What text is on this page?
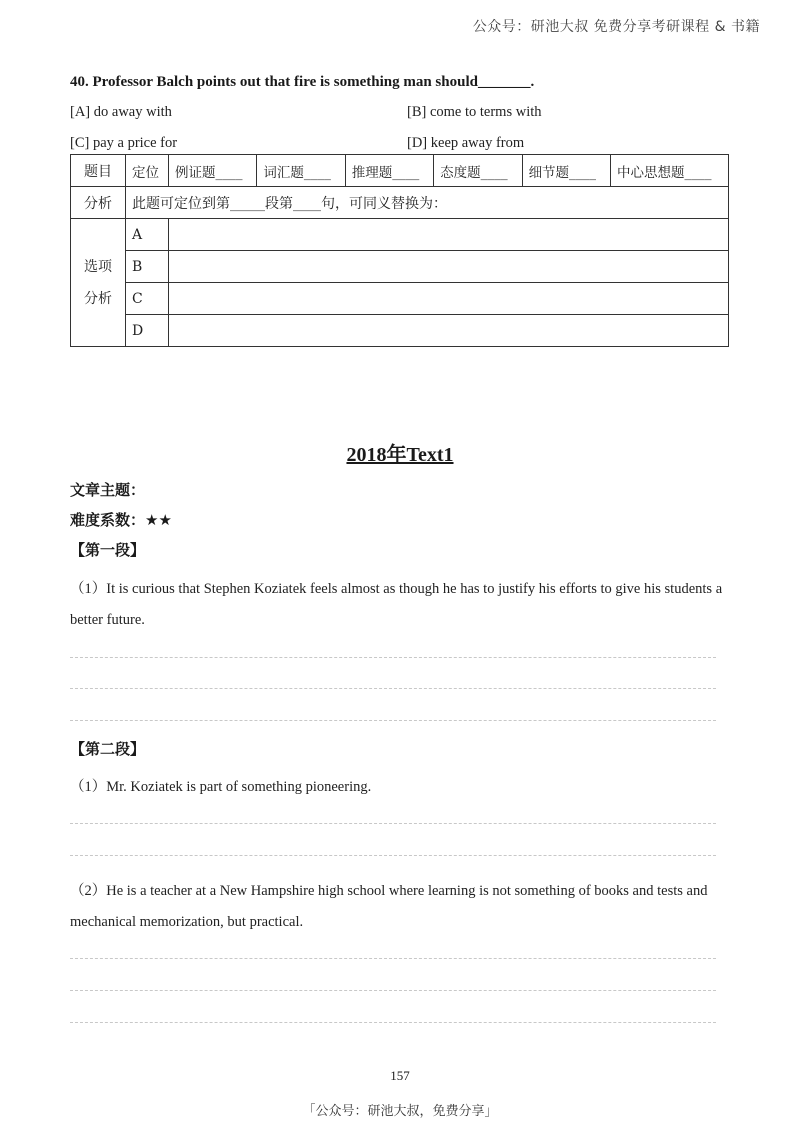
公众号：研池大叔 免费分享考研课程 & 书籍
40. Professor Balch points out that fire is something man should_______.
[A] do away with	[B] come to terms with
[C] pay a price for	[D] keep away from
题目	定位	例证题____	词汇题____	推理题____	态度题____	细节题____	中心思想题____
分析	此题可定位到第_____段第____句，可同义替换为：						
选项
分析	A						
	B						
	C						
	D						
2018年Text1
文章主题：
难度系数：★★
【第一段】
（1）It is curious that Stephen Koziatek feels almost as though he has to justify his efforts to give his students a better future.
【第二段】
（1）Mr. Koziatek is part of something pioneering.
（2）He is a teacher at a New Hampshire high school where learning is not something of books and tests and mechanical memorization, but practical.
157
「公众号：研池大叔，免费分享」
